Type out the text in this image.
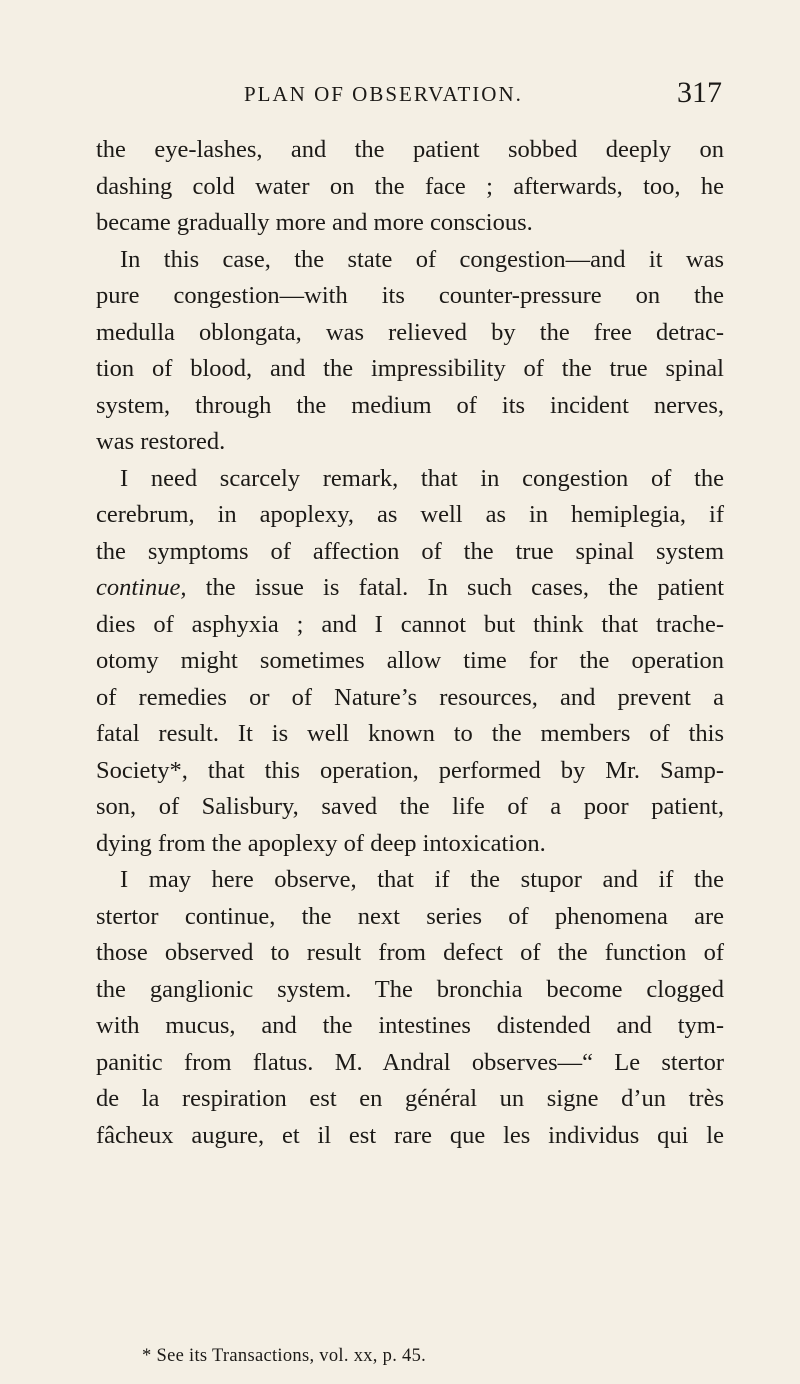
PLAN OF OBSERVATION.	317
the eye-lashes, and the patient sobbed deeply on
dashing cold water on the face ; afterwards, too, he
became gradually more and more conscious.
In this case, the state of congestion—and it was
pure congestion—with its counter-pressure on the
medulla oblongata, was relieved by the free detrac-
tion of blood, and the impressibility of the true spinal
system, through the medium of its incident nerves,
was restored.
I need scarcely remark, that in congestion of the
cerebrum, in apoplexy, as well as in hemiplegia, if
the symptoms of affection of the true spinal system
continue, the issue is fatal. In such cases, the patient
dies of asphyxia ; and I cannot but think that trache-
otomy might sometimes allow time for the operation
of remedies or of Nature’s resources, and prevent a
fatal result. It is well known to the members of this
Society*, that this operation, performed by Mr. Samp-
son, of Salisbury, saved the life of a poor patient,
dying from the apoplexy of deep intoxication.
I may here observe, that if the stupor and if the
stertor continue, the next series of phenomena are
those observed to result from defect of the function of
the ganglionic system. The bronchia become clogged
with mucus, and the intestines distended and tym-
panitic from flatus. M. Andral observes—“ Le stertor
de la respiration est en général un signe d’un très
fâcheux augure, et il est rare que les individus qui le
* See its Transactions, vol. xx, p. 45.
